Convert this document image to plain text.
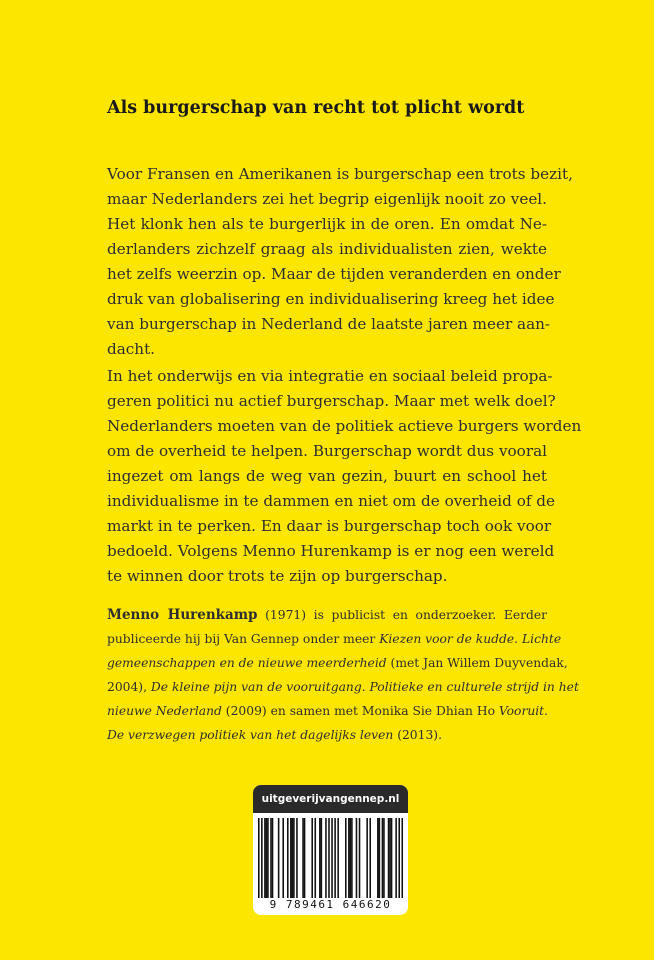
Als burgerschap van recht tot plicht wordt
Voor Fransen en Amerikanen is burgerschap een trots bezit,
maar Nederlanders zei het begrip eigenlijk nooit zo veel.
Het klonk hen als te burgerlijk in de oren. En omdat Ne-
derlanders zichzelf graag als individualisten zien, wekte
het zelfs weerzin op. Maar de tijden veranderden en onder
druk van globalisering en individualisering kreeg het idee
van burgerschap in Nederland de laatste jaren meer aan-
dacht.
In het onderwijs en via integratie en sociaal beleid propa-
geren politici nu actief burgerschap. Maar met welk doel?
Nederlanders moeten van de politiek actieve burgers worden
om de overheid te helpen. Burgerschap wordt dus vooral
ingezet om langs de weg van gezin, buurt en school het
individualisme in te dammen en niet om de overheid of de
markt in te perken. En daar is burgerschap toch ook voor
bedoeld. Volgens Menno Hurenkamp is er nog een wereld
te winnen door trots te zijn op burgerschap.
Menno Hurenkamp (1971) is publicist en onderzoeker. Eerder
publiceerde hij bij Van Gennep onder meer Kiezen voor de kudde. Lichte
gemeenschappen en de nieuwe meerderheid (met Jan Willem Duyvendak,
2004), De kleine pijn van de vooruitgang. Politieke en culturele strijd in het
nieuwe Nederland (2009) en samen met Monika Sie Dhian Ho Vooruit.
De verzwegen politiek van het dagelijks leven (2013).
uitgeverijvangennep.nl
9 789461 646620
